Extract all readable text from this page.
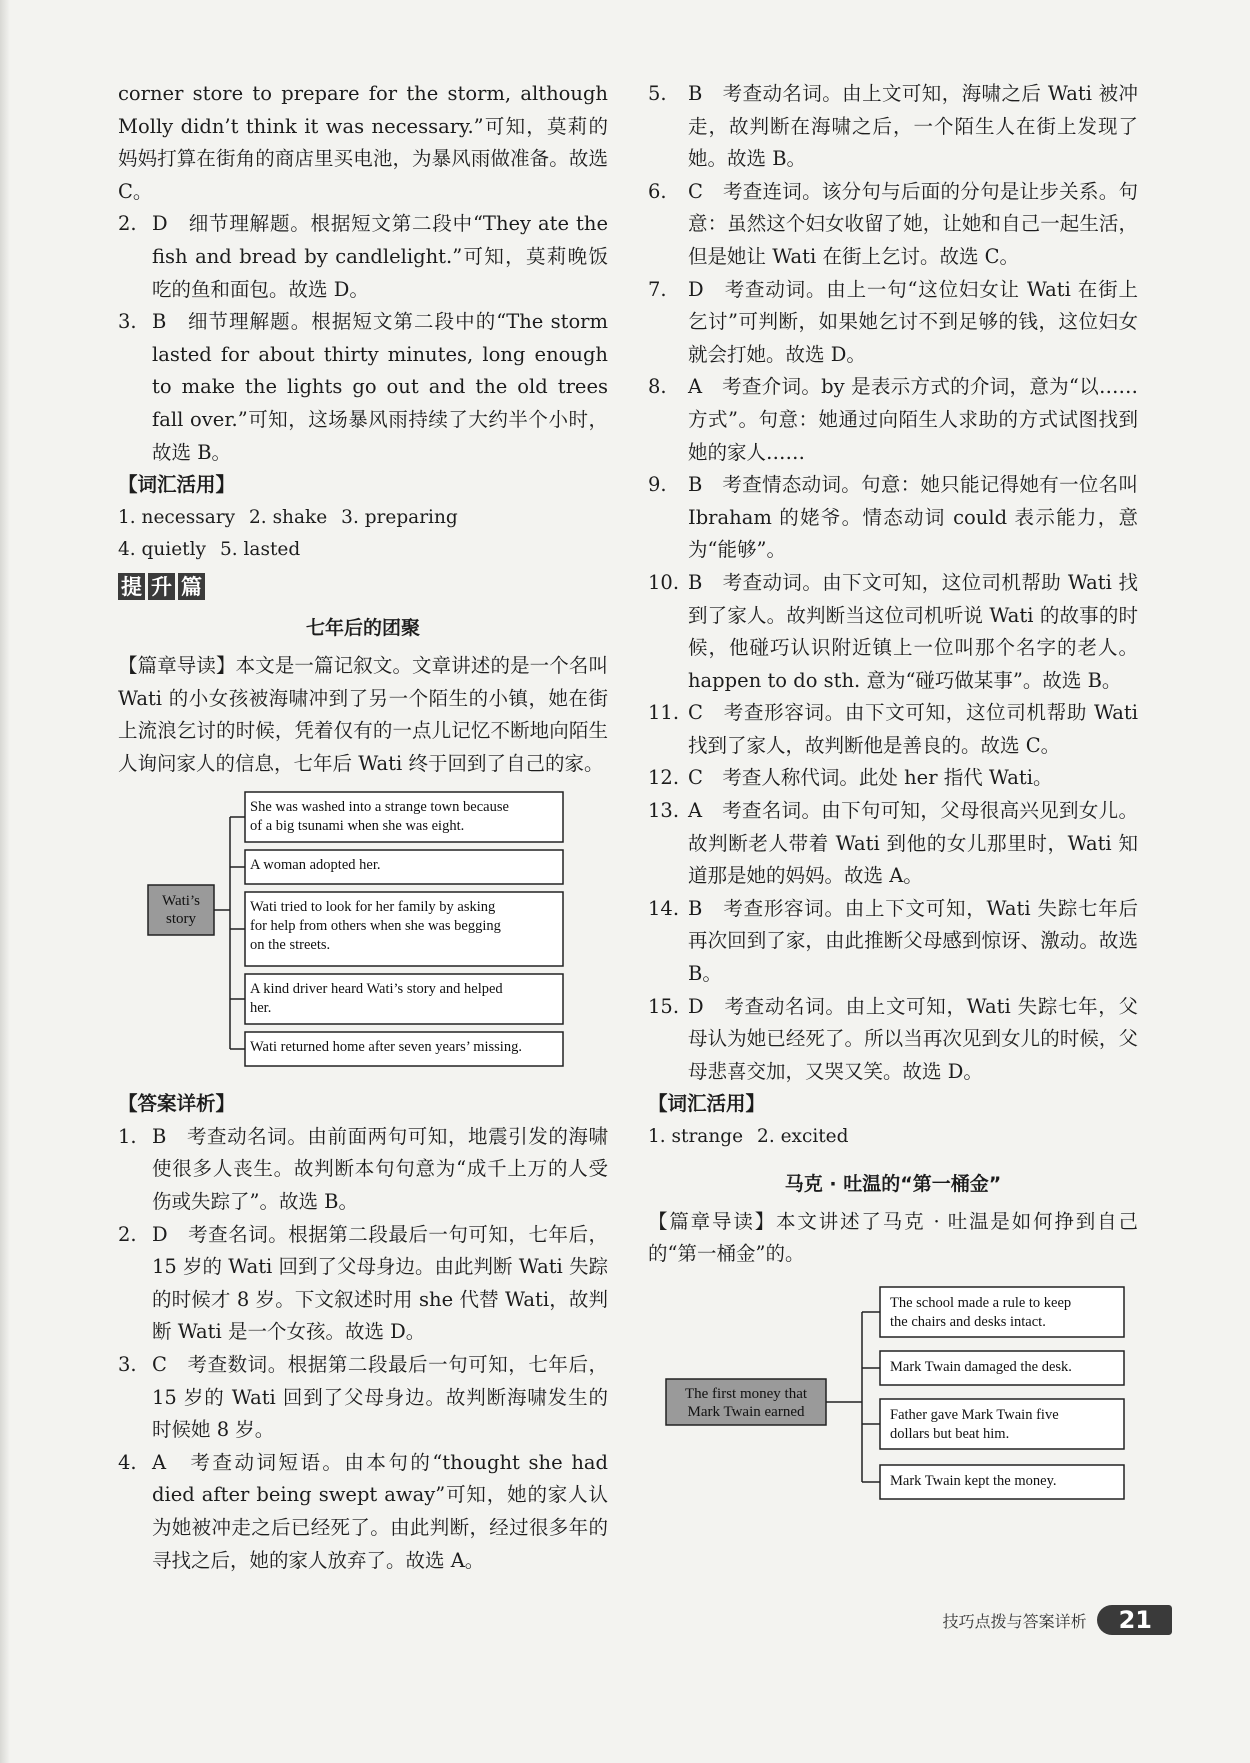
corner store to prepare for the storm, although Molly didn’t think it was necessary.”可知，莫莉的妈妈打算在街角的商店里买电池，为暴风雨做准备。故选 C。

2. D　细节理解题。根据短文第二段中“They ate the fish and bread by candlelight.”可知，莫莉晚饭吃的鱼和面包。故选 D。
3. B　细节理解题。根据短文第二段中的“The storm lasted for about thirty minutes, long enough to make the lights go out and the old trees fall over.”可知，这场暴风雨持续了大约半个小时，故选 B。

【词汇活用】

1. necessary 2. shake 3. preparing

4. quietly 5. lasted

提 升 篇

七年后的团聚

【篇章导读】本文是一篇记叙文。文章讲述的是一个名叫 Wati 的小女孩被海啸冲到了另一个陌生的小镇，她在街上流浪乞讨的时候，凭着仅有的一点儿记忆不断地向陌生人询问家人的信息，七年后 Wati 终于回到了自己的家。

Wati’s
story
She was washed into a strange town because
of a big tsunami when she was eight.
A woman adopted her.
Wati tried to look for her family by asking
for help from others when she was begging
on the streets.
A kind driver heard Wati’s story and helped
her.
Wati returned home after seven years’ missing.

【答案详析】

1. B　考查动名词。由前面两句可知，地震引发的海啸使很多人丧生。故判断本句句意为“成千上万的人受伤或失踪了”。故选 B。
2. D　考查名词。根据第二段最后一句可知，七年后，15 岁的 Wati 回到了父母身边。由此判断 Wati 失踪的时候才 8 岁。下文叙述时用 she 代替 Wati，故判断 Wati 是一个女孩。故选 D。
3. C　考查数词。根据第二段最后一句可知，七年后，15 岁的 Wati 回到了父母身边。故判断海啸发生的时候她 8 岁。
4. A　考查动词短语。由本句的“thought she had died after being swept away”可知，她的家人认为她被冲走之后已经死了。由此判断，经过很多年的寻找之后，她的家人放弃了。故选 A。
5. B　考查动名词。由上文可知，海啸之后 Wati 被冲走，故判断在海啸之后，一个陌生人在街上发现了她。故选 B。
6. C　考查连词。该分句与后面的分句是让步关系。句意：虽然这个妇女收留了她，让她和自己一起生活，但是她让 Wati 在街上乞讨。故选 C。
7. D　考查动词。由上一句“这位妇女让 Wati 在街上乞讨”可判断，如果她乞讨不到足够的钱，这位妇女就会打她。故选 D。
8. A　考查介词。by 是表示方式的介词，意为“以……方式”。句意：她通过向陌生人求助的方式试图找到她的家人……
9. B　考查情态动词。句意：她只能记得她有一位名叫 Ibraham 的姥爷。情态动词 could 表示能力，意为“能够”。
10. B　考查动词。由下文可知，这位司机帮助 Wati 找到了家人。故判断当这位司机听说 Wati 的故事的时候，他碰巧认识附近镇上一位叫那个名字的老人。happen to do sth. 意为“碰巧做某事”。故选 B。
11. C　考查形容词。由下文可知，这位司机帮助 Wati 找到了家人，故判断他是善良的。故选 C。
12. C　考查人称代词。此处 her 指代 Wati。
13. A　考查名词。由下句可知，父母很高兴见到女儿。故判断老人带着 Wati 到他的女儿那里时，Wati 知道那是她的妈妈。故选 A。
14. B　考查形容词。由上下文可知，Wati 失踪七年后再次回到了家，由此推断父母感到惊讶、激动。故选 B。
15. D　考查动名词。由上文可知，Wati 失踪七年，父母认为她已经死了。所以当再次见到女儿的时候，父母悲喜交加，又哭又笑。故选 D。

【词汇活用】

1. strange 2. excited

马克 · 吐温的“第一桶金”

【篇章导读】本文讲述了马克 · 吐温是如何挣到自己的“第一桶金”的。

The first money that
Mark Twain earned
The school made a rule to keep
the chairs and desks intact.
Mark Twain damaged the desk.
Father gave Mark Twain five
dollars but beat him.
Mark Twain kept the money.
技巧点拨与答案详析	21
